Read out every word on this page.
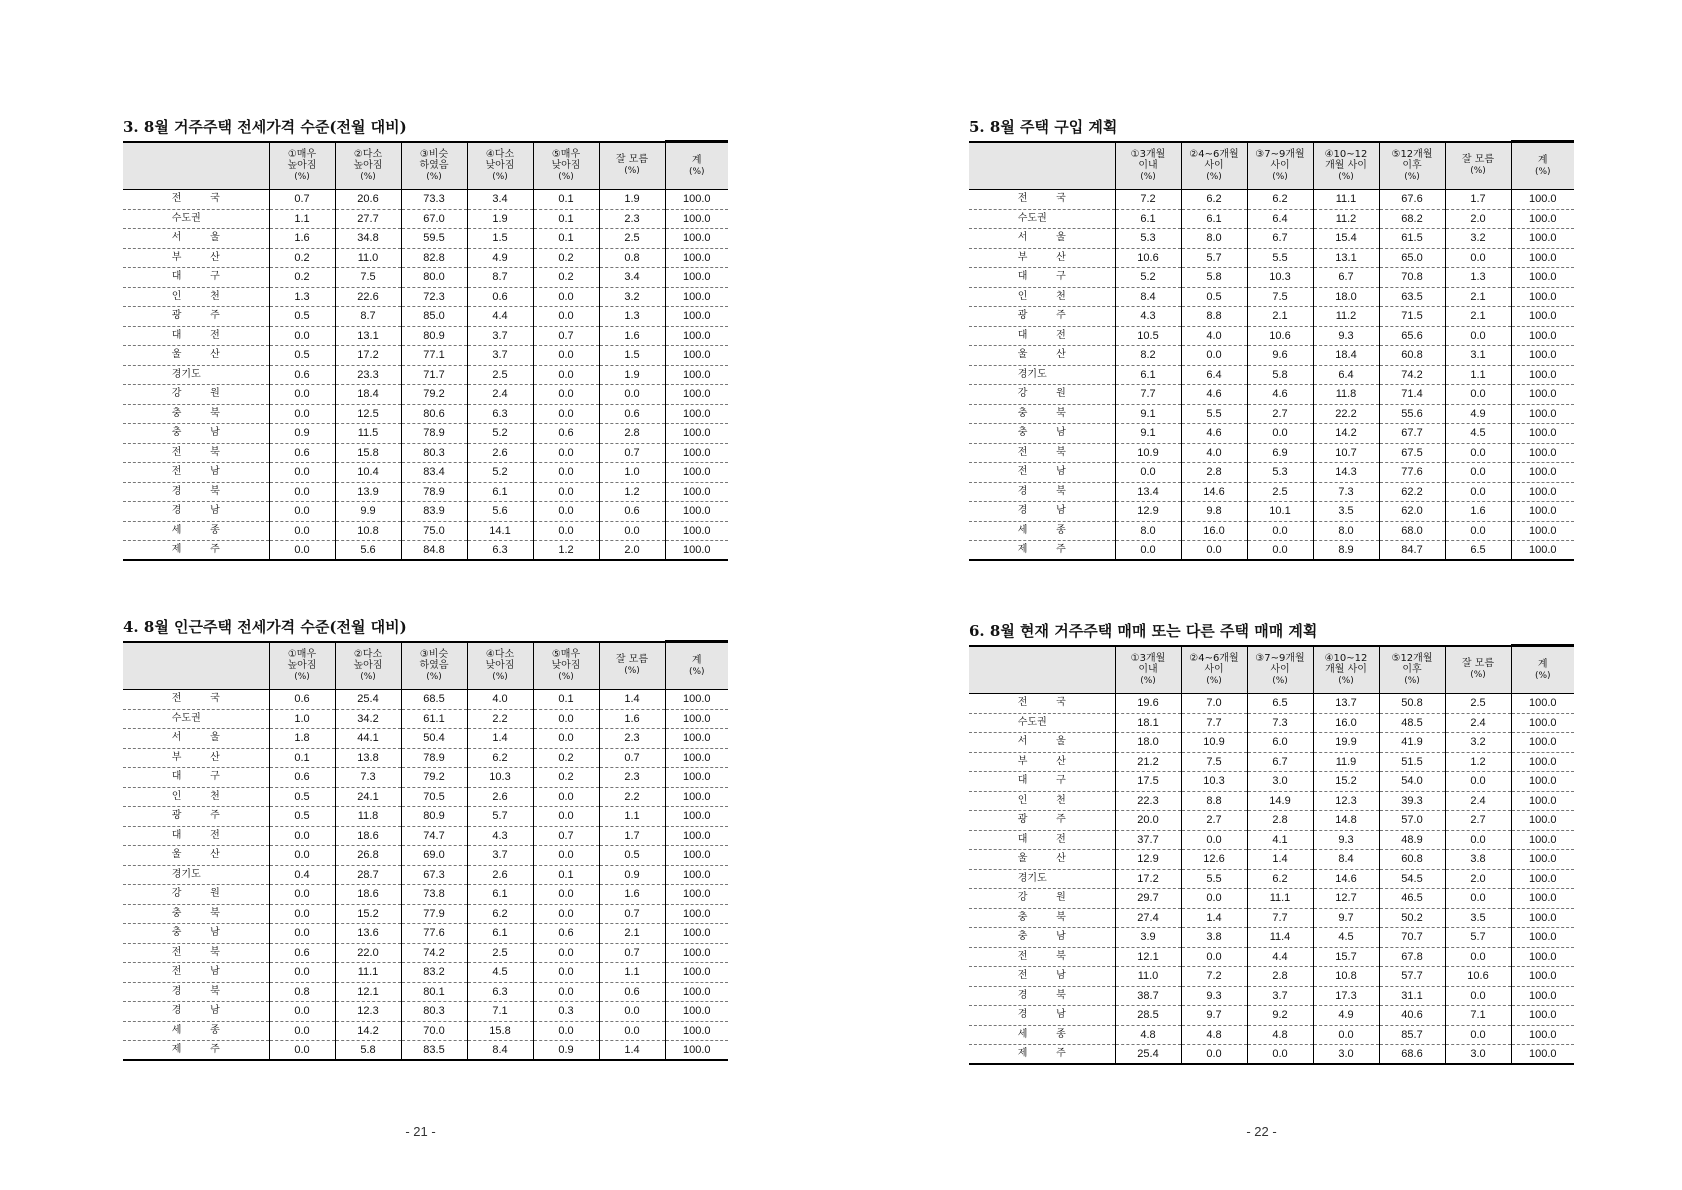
3. 8월 거주주택 전세가격 수준(전월 대비)
	①매우
높아짐
(%)	②다소
높아짐
(%)	③비슷
하였음
(%)	④다소
낮아짐
(%)	⑤매우
낮아짐
(%)	잘 모름
(%)	계
(%)
전 국	0.7	20.6	73.3	3.4	0.1	1.9	100.0
수도권	1.1	27.7	67.0	1.9	0.1	2.3	100.0
서 울	1.6	34.8	59.5	1.5	0.1	2.5	100.0
부 산	0.2	11.0	82.8	4.9	0.2	0.8	100.0
대 구	0.2	7.5	80.0	8.7	0.2	3.4	100.0
인 천	1.3	22.6	72.3	0.6	0.0	3.2	100.0
광 주	0.5	8.7	85.0	4.4	0.0	1.3	100.0
대 전	0.0	13.1	80.9	3.7	0.7	1.6	100.0
울 산	0.5	17.2	77.1	3.7	0.0	1.5	100.0
경기도	0.6	23.3	71.7	2.5	0.0	1.9	100.0
강 원	0.0	18.4	79.2	2.4	0.0	0.0	100.0
충 북	0.0	12.5	80.6	6.3	0.0	0.6	100.0
충 남	0.9	11.5	78.9	5.2	0.6	2.8	100.0
전 북	0.6	15.8	80.3	2.6	0.0	0.7	100.0
전 남	0.0	10.4	83.4	5.2	0.0	1.0	100.0
경 북	0.0	13.9	78.9	6.1	0.0	1.2	100.0
경 남	0.0	9.9	83.9	5.6	0.0	0.6	100.0
세 종	0.0	10.8	75.0	14.1	0.0	0.0	100.0
제 주	0.0	5.6	84.8	6.3	1.2	2.0	100.0
4. 8월 인근주택 전세가격 수준(전월 대비)
	①매우
높아짐
(%)	②다소
높아짐
(%)	③비슷
하였음
(%)	④다소
낮아짐
(%)	⑤매우
낮아짐
(%)	잘 모름
(%)	계
(%)
전 국	0.6	25.4	68.5	4.0	0.1	1.4	100.0
수도권	1.0	34.2	61.1	2.2	0.0	1.6	100.0
서 울	1.8	44.1	50.4	1.4	0.0	2.3	100.0
부 산	0.1	13.8	78.9	6.2	0.2	0.7	100.0
대 구	0.6	7.3	79.2	10.3	0.2	2.3	100.0
인 천	0.5	24.1	70.5	2.6	0.0	2.2	100.0
광 주	0.5	11.8	80.9	5.7	0.0	1.1	100.0
대 전	0.0	18.6	74.7	4.3	0.7	1.7	100.0
울 산	0.0	26.8	69.0	3.7	0.0	0.5	100.0
경기도	0.4	28.7	67.3	2.6	0.1	0.9	100.0
강 원	0.0	18.6	73.8	6.1	0.0	1.6	100.0
충 북	0.0	15.2	77.9	6.2	0.0	0.7	100.0
충 남	0.0	13.6	77.6	6.1	0.6	2.1	100.0
전 북	0.6	22.0	74.2	2.5	0.0	0.7	100.0
전 남	0.0	11.1	83.2	4.5	0.0	1.1	100.0
경 북	0.8	12.1	80.1	6.3	0.0	0.6	100.0
경 남	0.0	12.3	80.3	7.1	0.3	0.0	100.0
세 종	0.0	14.2	70.0	15.8	0.0	0.0	100.0
제 주	0.0	5.8	83.5	8.4	0.9	1.4	100.0
- 21 -
5. 8월 주택 구입 계획
	①3개월
이내
(%)	②4~6개월
사이
(%)	③7~9개월
사이
(%)	④10~12
개월 사이
(%)	⑤12개월
이후
(%)	잘 모름
(%)	계
(%)
전 국	7.2	6.2	6.2	11.1	67.6	1.7	100.0
수도권	6.1	6.1	6.4	11.2	68.2	2.0	100.0
서 울	5.3	8.0	6.7	15.4	61.5	3.2	100.0
부 산	10.6	5.7	5.5	13.1	65.0	0.0	100.0
대 구	5.2	5.8	10.3	6.7	70.8	1.3	100.0
인 천	8.4	0.5	7.5	18.0	63.5	2.1	100.0
광 주	4.3	8.8	2.1	11.2	71.5	2.1	100.0
대 전	10.5	4.0	10.6	9.3	65.6	0.0	100.0
울 산	8.2	0.0	9.6	18.4	60.8	3.1	100.0
경기도	6.1	6.4	5.8	6.4	74.2	1.1	100.0
강 원	7.7	4.6	4.6	11.8	71.4	0.0	100.0
충 북	9.1	5.5	2.7	22.2	55.6	4.9	100.0
충 남	9.1	4.6	0.0	14.2	67.7	4.5	100.0
전 북	10.9	4.0	6.9	10.7	67.5	0.0	100.0
전 남	0.0	2.8	5.3	14.3	77.6	0.0	100.0
경 북	13.4	14.6	2.5	7.3	62.2	0.0	100.0
경 남	12.9	9.8	10.1	3.5	62.0	1.6	100.0
세 종	8.0	16.0	0.0	8.0	68.0	0.0	100.0
제 주	0.0	0.0	0.0	8.9	84.7	6.5	100.0
6. 8월 현재 거주주택 매매 또는 다른 주택 매매 계획
	①3개월
이내
(%)	②4~6개월
사이
(%)	③7~9개월
사이
(%)	④10~12
개월 사이
(%)	⑤12개월
이후
(%)	잘 모름
(%)	계
(%)
전 국	19.6	7.0	6.5	13.7	50.8	2.5	100.0
수도권	18.1	7.7	7.3	16.0	48.5	2.4	100.0
서 울	18.0	10.9	6.0	19.9	41.9	3.2	100.0
부 산	21.2	7.5	6.7	11.9	51.5	1.2	100.0
대 구	17.5	10.3	3.0	15.2	54.0	0.0	100.0
인 천	22.3	8.8	14.9	12.3	39.3	2.4	100.0
광 주	20.0	2.7	2.8	14.8	57.0	2.7	100.0
대 전	37.7	0.0	4.1	9.3	48.9	0.0	100.0
울 산	12.9	12.6	1.4	8.4	60.8	3.8	100.0
경기도	17.2	5.5	6.2	14.6	54.5	2.0	100.0
강 원	29.7	0.0	11.1	12.7	46.5	0.0	100.0
충 북	27.4	1.4	7.7	9.7	50.2	3.5	100.0
충 남	3.9	3.8	11.4	4.5	70.7	5.7	100.0
전 북	12.1	0.0	4.4	15.7	67.8	0.0	100.0
전 남	11.0	7.2	2.8	10.8	57.7	10.6	100.0
경 북	38.7	9.3	3.7	17.3	31.1	0.0	100.0
경 남	28.5	9.7	9.2	4.9	40.6	7.1	100.0
세 종	4.8	4.8	4.8	0.0	85.7	0.0	100.0
제 주	25.4	0.0	0.0	3.0	68.6	3.0	100.0
- 22 -
